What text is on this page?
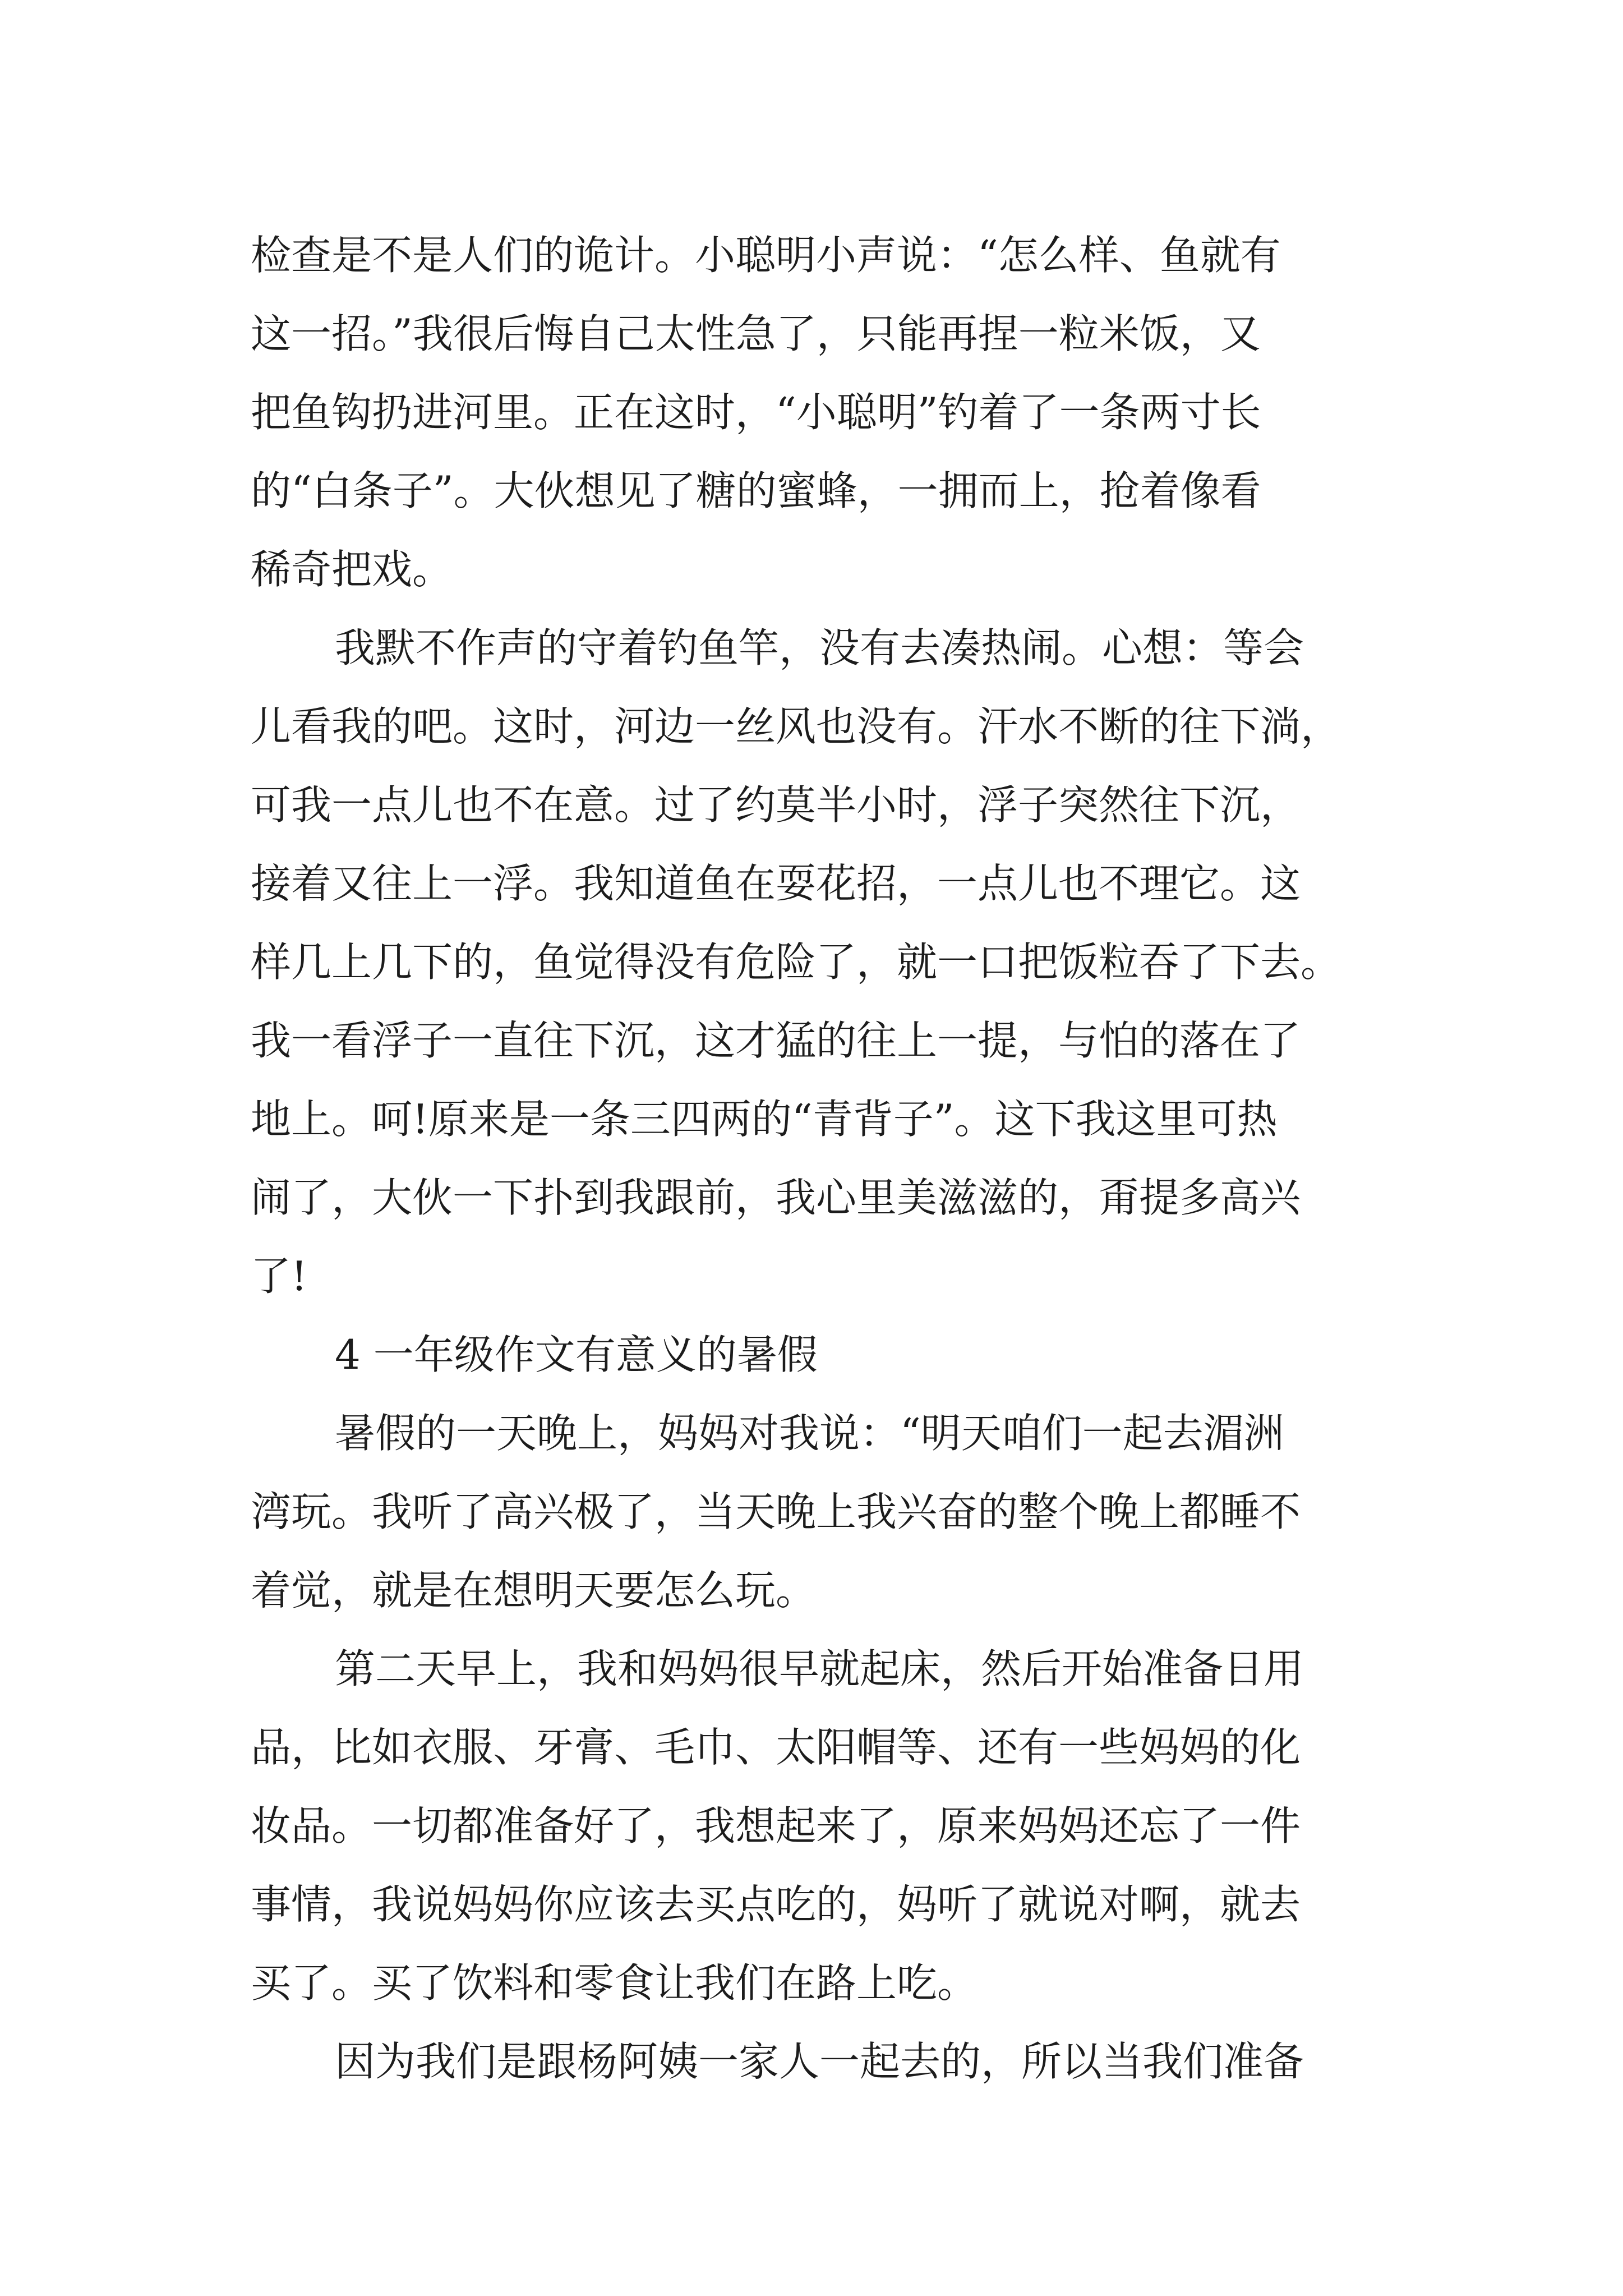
检查是不是人们的诡计。小聪明小声说：“怎么样、鱼就有
这一招。”我很后悔自己太性急了，只能再捏一粒米饭，又
把鱼钩扔进河里。正在这时，“小聪明”钓着了一条两寸长
的“白条子”。大伙想见了糖的蜜蜂，一拥而上，抢着像看
稀奇把戏。
我默不作声的守着钓鱼竿，没有去凑热闹。心想：等会
儿看我的吧。这时，河边一丝风也没有。汗水不断的往下淌，
可我一点儿也不在意。过了约莫半小时，浮子突然往下沉，
接着又往上一浮。我知道鱼在耍花招，一点儿也不理它。这
样几上几下的，鱼觉得没有危险了，就一口把饭粒吞了下去。
我一看浮子一直往下沉，这才猛的往上一提，与怕的落在了
地上。呵!原来是一条三四两的“青背子”。这下我这里可热
闹了，大伙一下扑到我跟前，我心里美滋滋的，甭提多高兴
了!
4 一年级作文有意义的暑假
暑假的一天晚上，妈妈对我说：“明天咱们一起去湄洲
湾玩。我听了高兴极了，当天晚上我兴奋的整个晚上都睡不
着觉，就是在想明天要怎么玩。
第二天早上，我和妈妈很早就起床，然后开始准备日用
品，比如衣服、牙膏、毛巾、太阳帽等、还有一些妈妈的化
妆品。一切都准备好了，我想起来了，原来妈妈还忘了一件
事情，我说妈妈你应该去买点吃的，妈听了就说对啊，就去
买了。买了饮料和零食让我们在路上吃。
因为我们是跟杨阿姨一家人一起去的，所以当我们准备
